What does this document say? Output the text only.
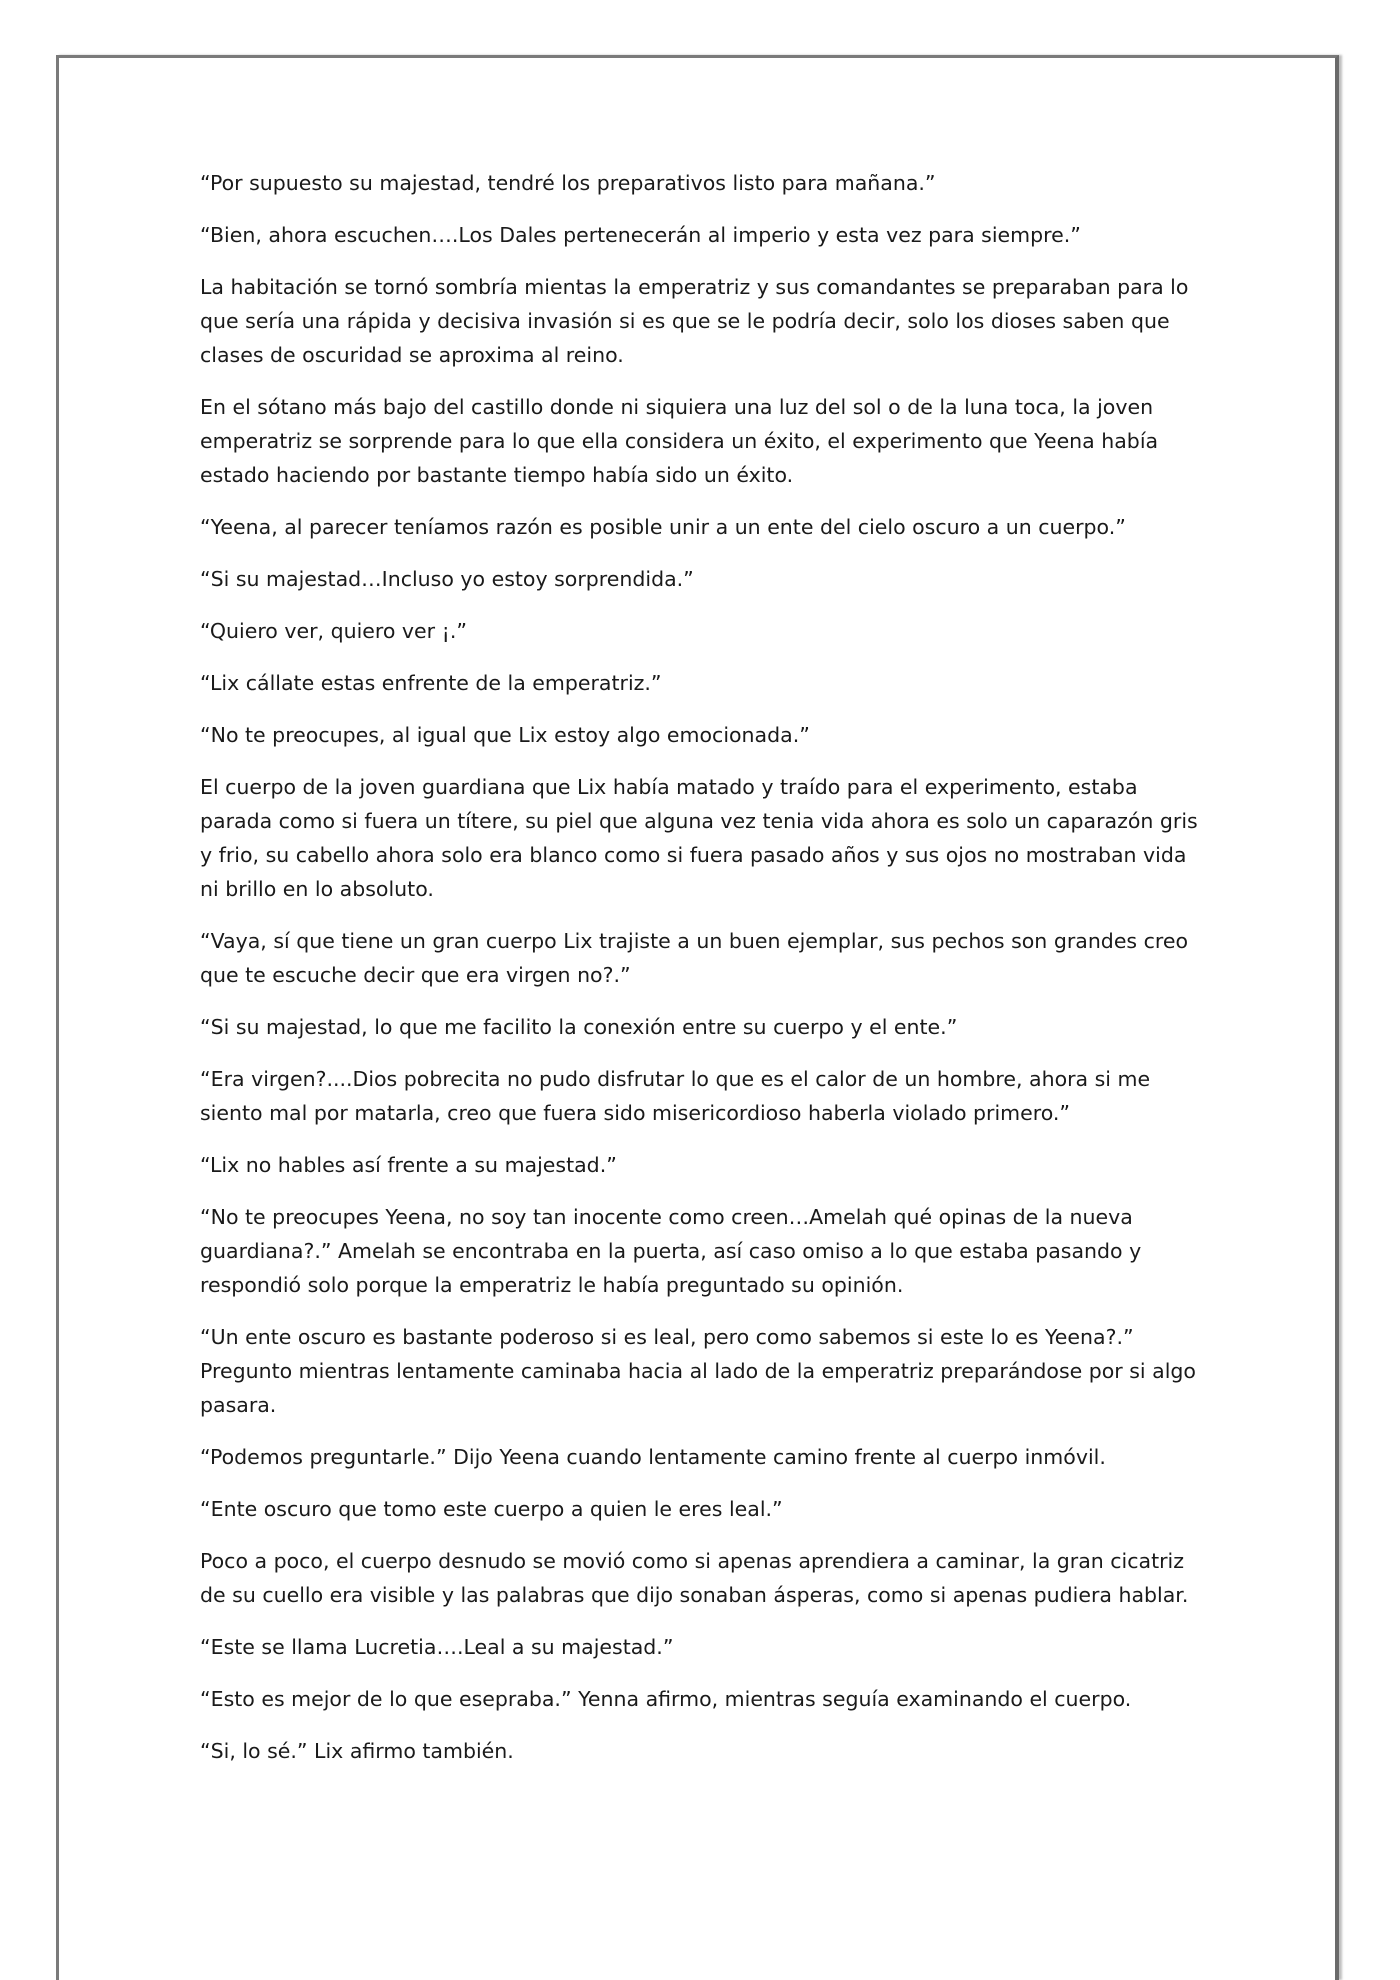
“Por supuesto su majestad, tendré los preparativos listo para mañana.”

“Bien, ahora escuchen….Los Dales pertenecerán al imperio y esta vez para siempre.”

La habitación se tornó sombría mientas la emperatriz y sus comandantes se preparaban para lo que sería una rápida y decisiva invasión si es que se le podría decir, solo los dioses saben que clases de oscuridad se aproxima al reino.

En el sótano más bajo del castillo donde ni siquiera una luz del sol o de la luna toca, la joven emperatriz se sorprende para lo que ella considera un éxito, el experimento que Yeena había estado haciendo por bastante tiempo había sido un éxito.

“Yeena, al parecer teníamos razón es posible unir a un ente del cielo oscuro a un cuerpo.”

“Si su majestad…Incluso yo estoy sorprendida.”

“Quiero ver, quiero ver ¡.”

“Lix cállate estas enfrente de la emperatriz.”

“No te preocupes, al igual que Lix estoy algo emocionada.”

El cuerpo de la joven guardiana que Lix había matado y traído para el experimento, estaba parada como si fuera un títere, su piel que alguna vez tenia vida ahora es solo un caparazón gris y frio, su cabello ahora solo era blanco como si fuera pasado años y sus ojos no mostraban vida ni brillo en lo absoluto.

“Vaya, sí que tiene un gran cuerpo Lix trajiste a un buen ejemplar, sus pechos son grandes creo que te escuche decir que era virgen no?.”

“Si su majestad, lo que me facilito la conexión entre su cuerpo y el ente.”

“Era virgen?....Dios pobrecita no pudo disfrutar lo que es el calor de un hombre, ahora si me siento mal por matarla, creo que fuera sido misericordioso haberla violado primero.”

“Lix no hables así frente a su majestad.”

“No te preocupes Yeena, no soy tan inocente como creen…Amelah qué opinas de la nueva guardiana?.” Amelah se encontraba en la puerta, así caso omiso a lo que estaba pasando y respondió solo porque la emperatriz le había preguntado su opinión.

“Un ente oscuro es bastante poderoso si es leal, pero como sabemos si este lo es Yeena?.” Pregunto mientras lentamente caminaba hacia al lado de la emperatriz preparándose por si algo pasara.

“Podemos preguntarle.” Dijo Yeena cuando lentamente camino frente al cuerpo inmóvil.

“Ente oscuro que tomo este cuerpo a quien le eres leal.”

Poco a poco, el cuerpo desnudo se movió como si apenas aprendiera a caminar, la gran cicatriz de su cuello era visible y las palabras que dijo sonaban ásperas, como si apenas pudiera hablar.

“Este se llama Lucretia….Leal a su majestad.”

“Esto es mejor de lo que esepraba.” Yenna afirmo, mientras seguía examinando el cuerpo.

“Si, lo sé.” Lix afirmo también.
